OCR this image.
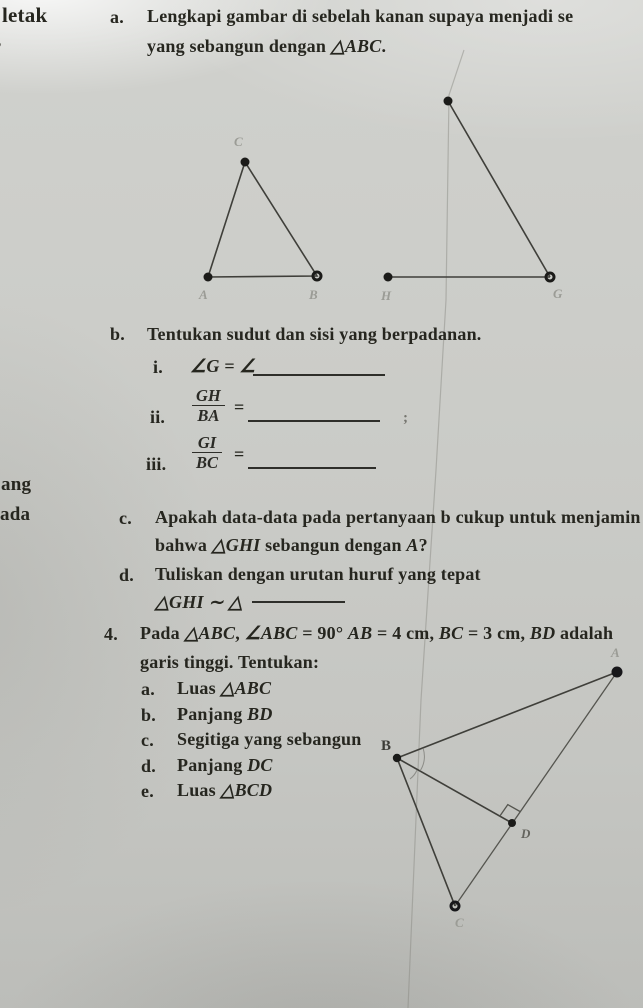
letak
ang
ada
a. Lengkapi gambar di sebelah kanan supaya menjadi se
yang sebangun dengan △ABC.
C
A	B	H	G
b. Tentukan sudut dan sisi yang berpadanan.
i. ∠G = ∠
ii. $\frac{GH}{BA}$ =
;
iii. $\frac{GI}{BC}$ =
c. Apakah data-data pada pertanyaan b cukup untuk menjamin
bahwa △GHI sebangun dengan A?
d. Tuliskan dengan urutan huruf yang tepat
△GHI ∼ △
4. Pada △ABC, ∠ABC = 90° AB = 4 cm, BC = 3 cm, BD adalah
garis tinggi. Tentukan:
a. Luas △ABC
b. Panjang BD
c. Segitiga yang sebangun
d. Panjang DC
e. Luas △BCD
A
B
C
D
